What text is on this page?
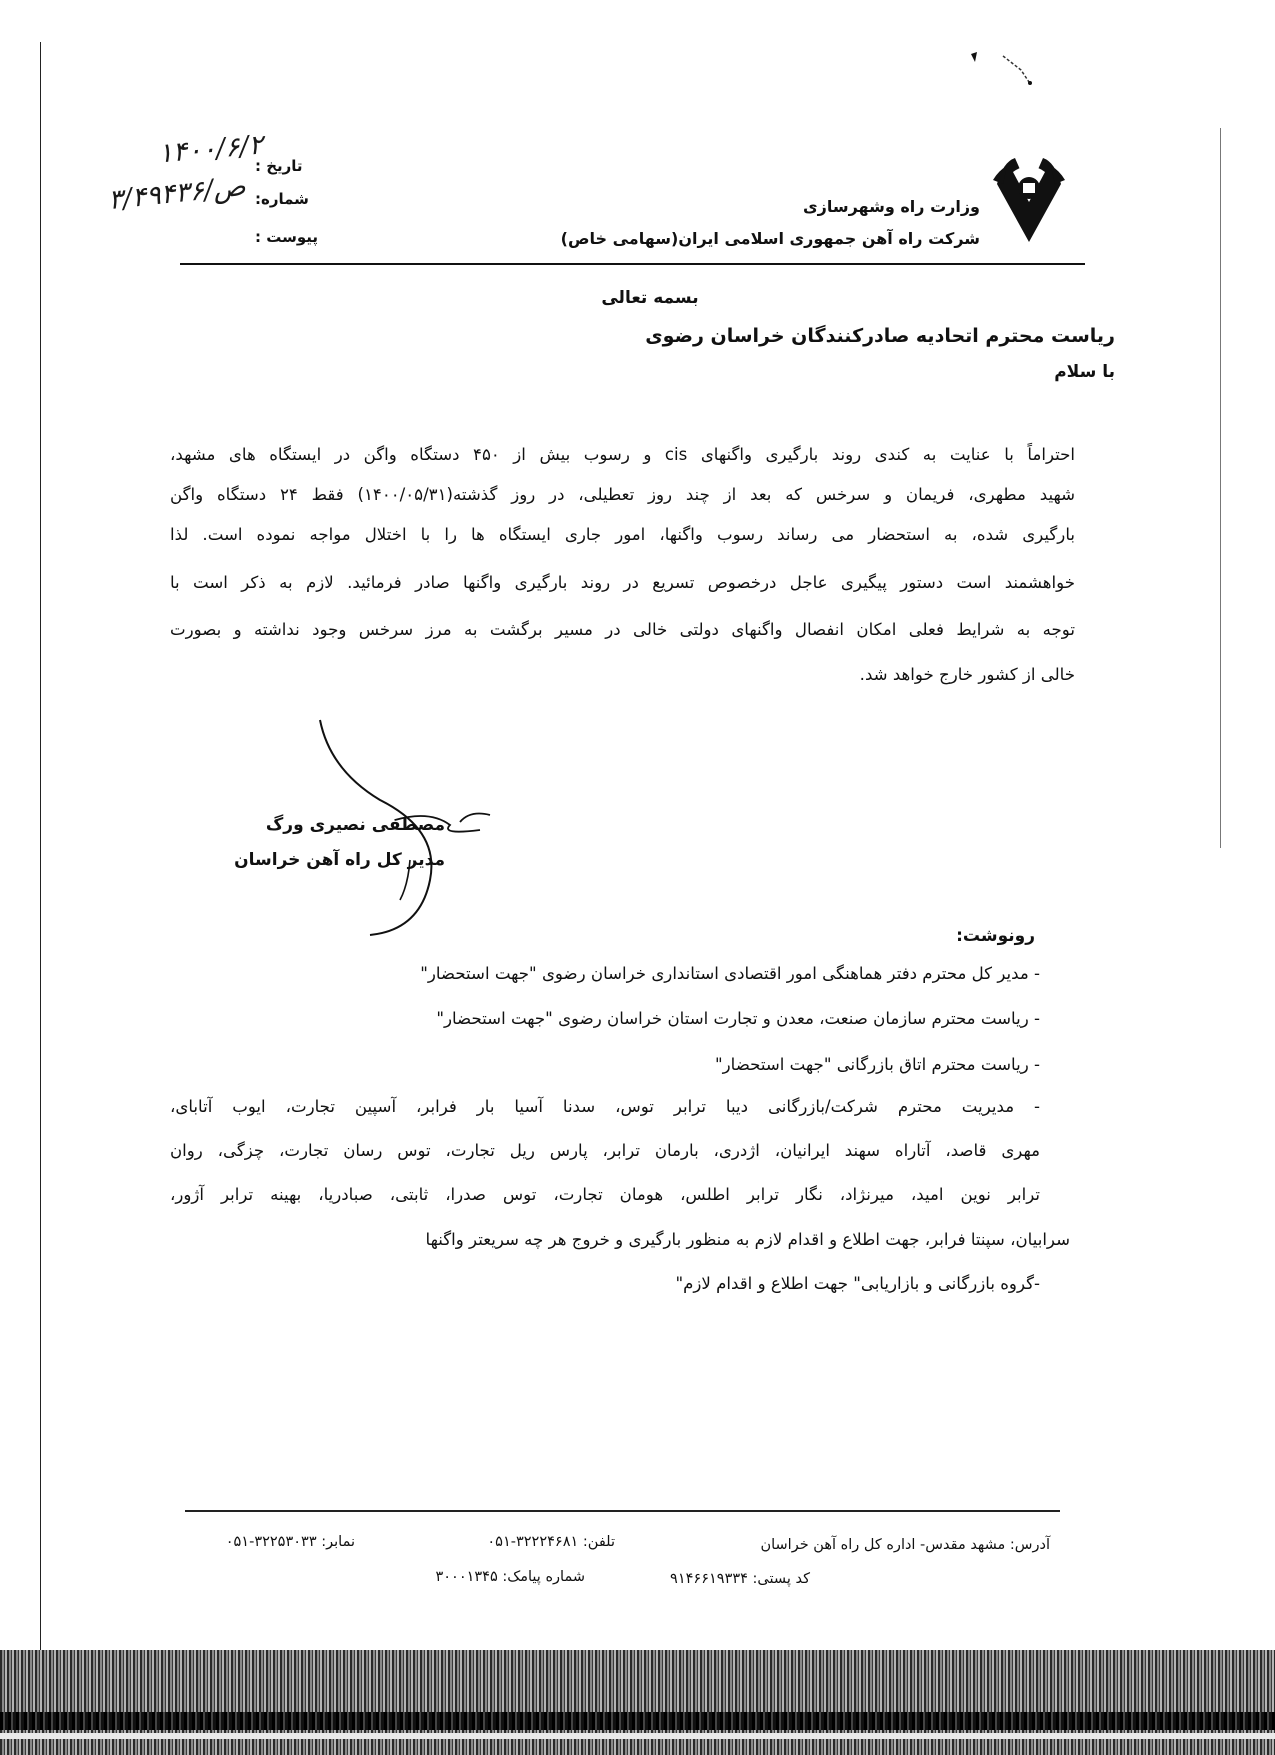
وزارت راه وشهرسازی
شرکت راه آهن جمهوری اسلامی ایران(سهامی خاص)
تاریخ :
شماره:
پیوست :
۱۴۰۰/۶/۲
۳/ص/۴۹۴۳۶
بسمه تعالی
ریاست محترم اتحادیه صادرکنندگان خراسان رضوی
با سلام
احتراماً با عنایت به کندی روند بارگیری واگنهای cis و رسوب بیش از ۴۵۰ دستگاه واگن در ایستگاه های مشهد،
شهید مطهری، فریمان و سرخس که بعد از چند روز تعطیلی، در روز گذشته(۱۴۰۰/۰۵/۳۱) فقط ۲۴ دستگاه واگن
بارگیری شده، به استحضار می رساند رسوب واگنها، امور جاری ایستگاه ها را با اختلال مواجه نموده است. لذا
خواهشمند است دستور پیگیری عاجل درخصوص تسریع در روند بارگیری واگنها صادر فرمائید. لازم به ذکر است با
توجه به شرایط فعلی امکان انفصال واگنهای دولتی خالی در مسیر برگشت به مرز سرخس وجود نداشته و بصورت
خالی از کشور خارج خواهد شد.
مصطفی نصیری ورگ
مدیر کل راه آهن خراسان
رونوشت:
- مدیر کل محترم دفتر هماهنگی امور اقتصادی استانداری خراسان رضوی "جهت استحضار"
- ریاست محترم سازمان صنعت، معدن و تجارت استان خراسان رضوی "جهت استحضار"
- ریاست محترم اتاق بازرگانی "جهت استحضار"
- مدیریت محترم شرکت/بازرگانی دیبا ترابر توس، سدنا آسیا بار فرابر، آسپین تجارت، ایوب آتابای،
مهری قاصد، آتاراه سهند ایرانیان، اژدری، بارمان ترابر، پارس ریل تجارت، توس رسان تجارت، چزگی، روان
ترابر نوین امید، میرنژاد، نگار ترابر اطلس، هومان تجارت، توس صدرا، ثابتی، صبادریا، بهینه ترابر آژور،
سرابیان، سپنتا فرابر، جهت اطلاع و اقدام لازم به منظور بارگیری و خروج هر چه سریعتر واگنها
-گروه بازرگانی و بازاریابی" جهت اطلاع و اقدام لازم"
آدرس: مشهد مقدس- اداره کل راه آهن خراسان
تلفن: ۳۲۲۲۴۶۸۱-۰۵۱
نمابر: ۳۲۲۵۳۰۳۳-۰۵۱
کد پستی: ۹۱۴۶۶۱۹۳۳۴
شماره پیامک: ۳۰۰۰۱۳۴۵
